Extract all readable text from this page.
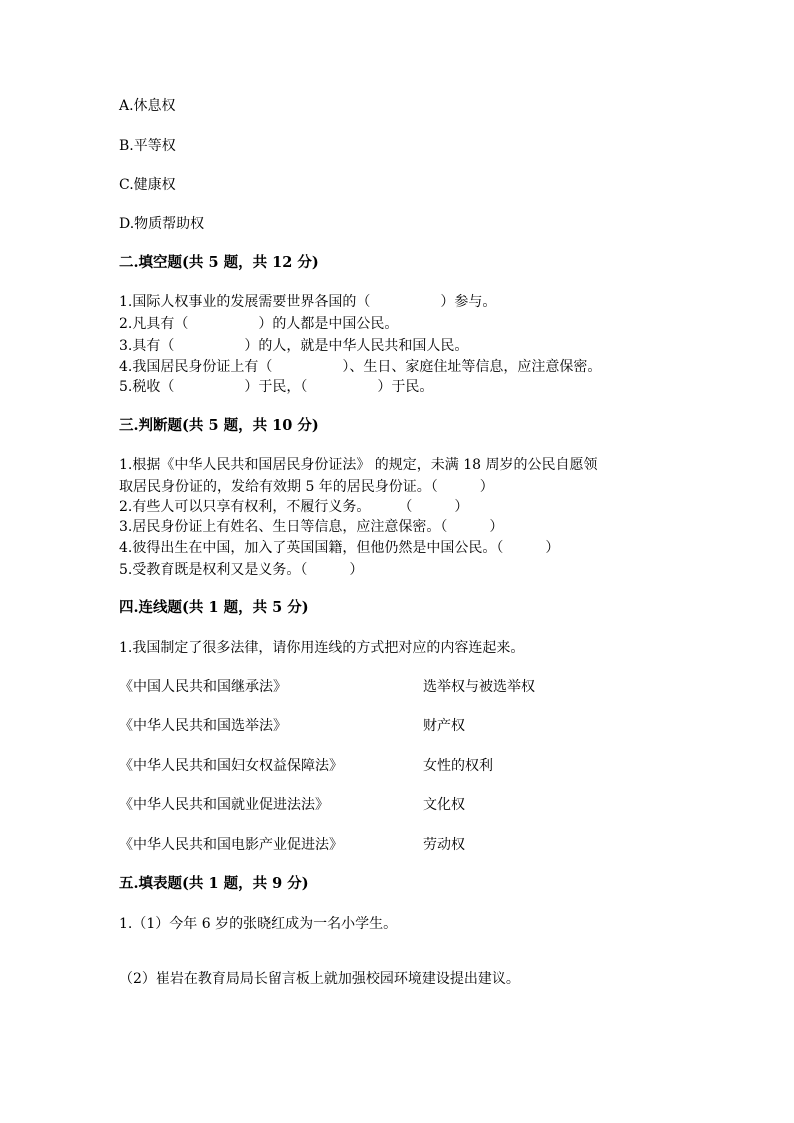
A.休息权
B.平等权
C.健康权
D.物质帮助权
二.填空题(共 5 题，共 12 分)
1.国际人权事业的发展需要世界各国的（　　　　　）参与。
2.凡具有（　　　　　）的人都是中国公民。
3.具有（　　　　　）的人，就是中华人民共和国人民。
4.我国居民身份证上有（　　　　　）、生日、家庭住址等信息，应注意保密。
5.税收（　　　　　）于民，（　　　　　）于民。
三.判断题(共 5 题，共 10 分)
1.根据《中华人民共和国居民身份证法》 的规定，未满 18 周岁的公民自愿领
取居民身份证的，发给有效期 5 年的居民身份证。（　　　）
2.有些人可以只享有权利，不履行义务。　　　（　　　）
3.居民身份证上有姓名、生日等信息，应注意保密。（　　　）
4.彼得出生在中国，加入了英国国籍，但他仍然是中国公民。（　　　）
5.受教育既是权利又是义务。（　　　）
四.连线题(共 1 题，共 5 分)
1.我国制定了很多法律，请你用连线的方式把对应的内容连起来。
《中国人民共和国继承法》	选举权与被选举权
《中华人民共和国选举法》	财产权
《中华人民共和国妇女权益保障法》	女性的权利
《中华人民共和国就业促进法法》	文化权
《中华人民共和国电影产业促进法》	劳动权
五.填表题(共 1 题，共 9 分)
1.（1）今年 6 岁的张晓红成为一名小学生。
（2）崔岩在教育局局长留言板上就加强校园环境建设提出建议。
